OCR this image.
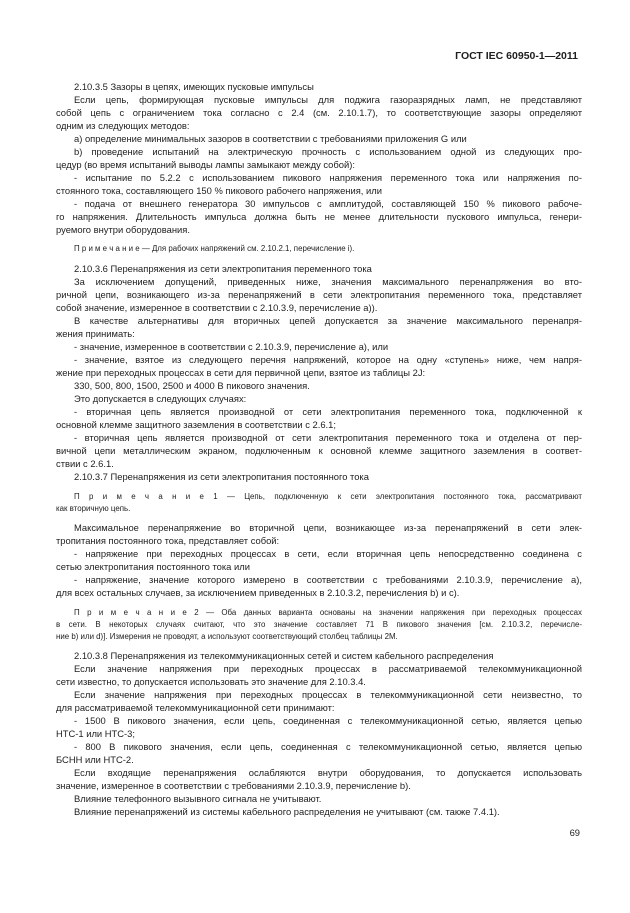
ГОСТ IEC 60950-1—2011
2.10.3.5 Зазоры в цепях, имеющих пусковые импульсы
Если цепь, формирующая пусковые импульсы для поджига газоразрядных ламп, не представляют
собой цепь с ограничением тока согласно с 2.4 (см. 2.10.1.7), то соответствующие зазоры определяют
одним из следующих методов:
а) определение минимальных зазоров в соответствии с требованиями приложения G или
b) проведение испытаний на электрическую прочность с использованием одной из следующих про-
цедур (во время испытаний выводы лампы замыкают между собой):
- испытание по 5.2.2 с использованием пикового напряжения переменного тока или напряжения по-
стоянного тока, составляющего 150 % пикового рабочего напряжения, или
- подача от внешнего генератора 30 импульсов с амплитудой, составляющей 150 % пикового рабоче-
го напряжения. Длительность импульса должна быть не менее длительности пускового импульса, генери-
руемого внутри оборудования.
П р и м е ч а н и е — Для рабочих напряжений см. 2.10.2.1, перечисление i).
2.10.3.6 Перенапряжения из сети электропитания переменного тока
За исключением допущений, приведенных ниже, значения максимального перенапряжения во вто-
ричной цепи, возникающего из-за перенапряжений в сети электропитания переменного тока, представляет
собой значение, измеренное в соответствии с 2.10.3.9, перечисление а)).
В качестве альтернативы для вторичных цепей допускается за значение максимального перенапря-
жения принимать:
- значение, измеренное в соответствии с 2.10.3.9, перечисление а), или
- значение, взятое из следующего перечня напряжений, которое на одну «ступень» ниже, чем напря-
жение при переходных процессах в сети для первичной цепи, взятое из таблицы 2J:
330, 500, 800, 1500, 2500 и 4000 В пикового значения.
Это допускается в следующих случаях:
- вторичная цепь является производной от сети электропитания переменного тока, подключенной к
основной клемме защитного заземления в соответствии с 2.6.1;
- вторичная цепь является производной от сети электропитания переменного тока и отделена от пер-
вичной цепи металлическим экраном, подключенным к основной клемме защитного заземления в соответ-
ствии с 2.6.1.
2.10.3.7 Перенапряжения из сети электропитания постоянного тока
П р и м е ч а н и е 1 — Цепь, подключенную к сети электропитания постоянного тока, рассматривают
как вторичную цепь.
Максимальное перенапряжение во вторичной цепи, возникающее из-за перенапряжений в сети элек-
тропитания постоянного тока, представляет собой:
- напряжение при переходных процессах в сети, если вторичная цепь непосредственно соединена с
сетью электропитания постоянного тока или
- напряжение, значение которого измерено в соответствии с требованиями 2.10.3.9, перечисление а),
для всех остальных случаев, за исключением приведенных в 2.10.3.2, перечисления b) и с).
П р и м е ч а н и е 2 — Оба данных варианта основаны на значении напряжения при переходных процессах
в сети. В некоторых случаях считают, что это значение составляет 71 В пикового значения [см. 2.10.3.2, перечисле-
ние b) или d)]. Измерения не проводят, а используют соответствующий столбец таблицы 2М.
2.10.3.8 Перенапряжения из телекоммуникационных сетей и систем кабельного распределения
Если значение напряжения при переходных процессах в рассматриваемой телекоммуникационной
сети известно, то допускается использовать это значение для 2.10.3.4.
Если значение напряжения при переходных процессах в телекоммуникационной сети неизвестно, то
для рассматриваемой телекоммуникационной сети принимают:
- 1500 В пикового значения, если цепь, соединенная с телекоммуникационной сетью, является цепью
НТС-1 или НТС-3;
- 800 В пикового значения, если цепь, соединенная с телекоммуникационной сетью, является цепью
БСНН или НТС-2.
Если входящие перенапряжения ослабляются внутри оборудования, то допускается использовать
значение, измеренное в соответствии с требованиями 2.10.3.9, перечисление b).
Влияние телефонного вызывного сигнала не учитывают.
Влияние перенапряжений из системы кабельного распределения не учитывают (см. также 7.4.1).
69
